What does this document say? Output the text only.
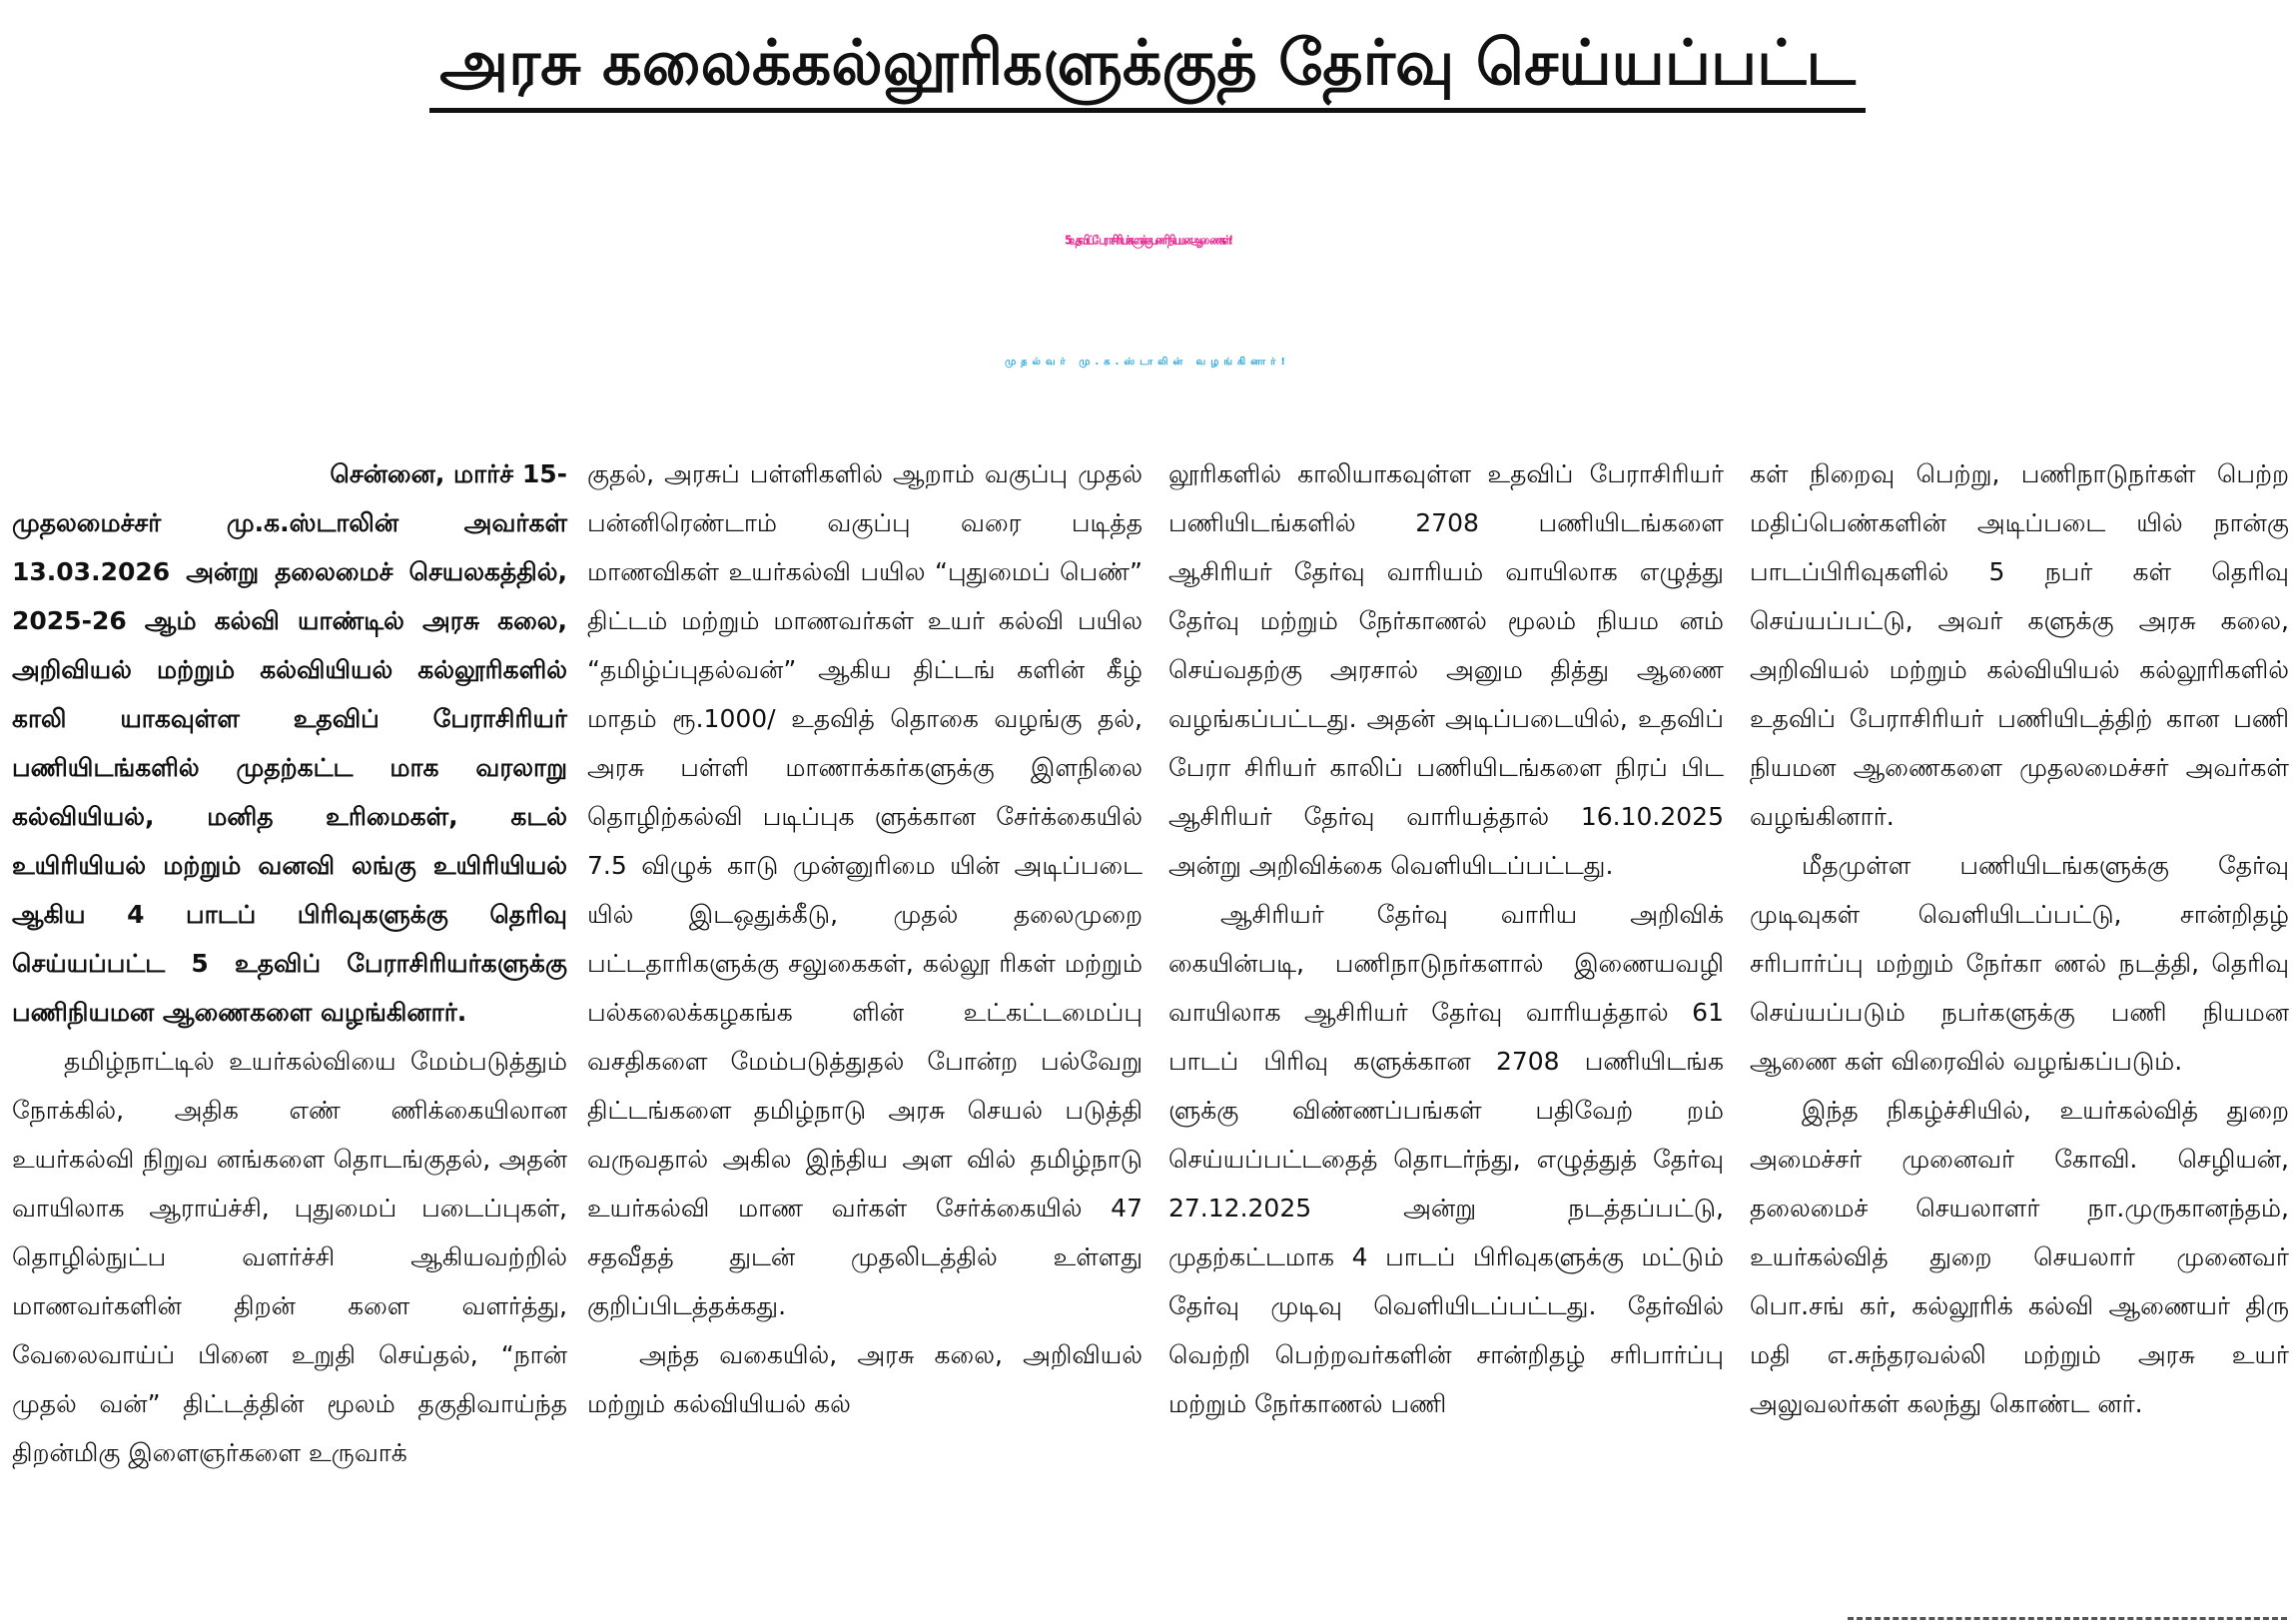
அரசு கலைக்கல்லூரிகளுக்குத் தேர்வு செய்யப்பட்ட
5 உதவிப் பேராசிரியர்களுக்கு பணி நியமன ஆணைகள்!
முதல்வர் மு.க.ஸ்டாலின் வழங்கினார்!

சென்னை, மார்ச் 15-

முதலமைச்சர் மு.க.ஸ்டாலின் அவர்கள் 13.03.2026 அன்று தலைமைச் செயலகத்தில், 2025-26 ஆம் கல்வி யாண்டில் அரசு கலை, அறிவியல் மற்றும் கல்வியியல் கல்லூரிகளில் காலி யாகவுள்ள உதவிப் பேராசிரியர் பணியிடங்களில் முதற்கட்ட மாக வரலாறு கல்வியியல், மனித உரிமைகள், கடல் உயிரியியல் மற்றும் வனவி லங்கு உயிரியியல் ஆகிய 4 பாடப் பிரிவுகளுக்கு தெரிவு செய்யப்பட்ட 5 உதவிப் பேராசிரியர்களுக்கு பணிநியமன ஆணைகளை வழங்கினார்.

தமிழ்நாட்டில் உயர்கல்வியை மேம்படுத்தும் நோக்கில், அதிக எண் ணிக்கையிலான உயர்கல்வி நிறுவ னங்களை தொடங்குதல், அதன் வாயிலாக ஆராய்ச்சி, புதுமைப் படைப்புகள், தொழில்நுட்ப வளர்ச்சி ஆகியவற்றில் மாணவர்களின் திறன் களை வளர்த்து, வேலைவாய்ப் பினை உறுதி செய்தல், “நான் முதல் வன்” திட்டத்தின் மூலம் தகுதிவாய்ந்த திறன்மிகு இளைஞர்களை உருவாக்

குதல், அரசுப் பள்ளிகளில் ஆறாம் வகுப்பு முதல் பன்னிரெண்டாம் வகுப்பு வரை படித்த மாணவிகள் உயர்கல்வி பயில “புதுமைப் பெண்” திட்டம் மற்றும் மாணவர்கள் உயர் கல்வி பயில “தமிழ்ப்புதல்வன்” ஆகிய திட்டங் களின் கீழ் மாதம் ரூ.1000/ உதவித் தொகை வழங்கு தல், அரசு பள்ளி மாணாக்கர்களுக்கு இளநிலை தொழிற்கல்வி படிப்புக ளுக்கான சேர்க்கையில் 7.5 விழுக் காடு முன்னுரிமை யின் அடிப்படை யில் இடஒதுக்கீடு, முதல் தலைமுறை பட்டதாரிகளுக்கு சலுகைகள், கல்லூ ரிகள் மற்றும் பல்கலைக்கழகங்க ளின் உட்கட்டமைப்பு வசதிகளை மேம்படுத்துதல் போன்ற பல்வேறு திட்டங்களை தமிழ்நாடு அரசு செயல் படுத்தி வருவதால் அகில இந்திய அள வில் தமிழ்நாடு உயர்கல்வி மாண வர்கள் சேர்க்கையில் 47 சதவீதத் துடன் முதலிடத்தில் உள்ளது குறிப்பிடத்தக்கது.

அந்த வகையில், அரசு கலை, அறிவியல் மற்றும் கல்வியியல் கல்

லூரிகளில் காலியாகவுள்ள உதவிப் பேராசிரியர் பணியிடங்களில் 2708 பணியிடங்களை ஆசிரியர் தேர்வு வாரியம் வாயிலாக எழுத்து தேர்வு மற்றும் நேர்காணல் மூலம் நியம னம் செய்வதற்கு அரசால் அனும தித்து ஆணை வழங்கப்பட்டது. அதன் அடிப்படையில், உதவிப் பேரா சிரியர் காலிப் பணியிடங்களை நிரப் பிட ஆசிரியர் தேர்வு வாரியத்தால் 16.10.2025 அன்று அறிவிக்கை வெளியிடப்பட்டது.

ஆசிரியர் தேர்வு வாரிய அறிவிக் கையின்படி, பணிநாடுநர்களால் இணையவழி வாயிலாக ஆசிரியர் தேர்வு வாரியத்தால் 61 பாடப் பிரிவு களுக்கான 2708 பணியிடங்க ளுக்கு விண்ணப்பங்கள் பதிவேற் றம் செய்யப்பட்டதைத் தொடர்ந்து, எழுத்துத் தேர்வு 27.12.2025 அன்று நடத்தப்பட்டு, முதற்கட்டமாக 4 பாடப் பிரிவுகளுக்கு மட்டும் தேர்வு முடிவு வெளியிடப்பட்டது. தேர்வில் வெற்றி பெற்றவர்களின் சான்றிதழ் சரிபார்ப்பு மற்றும் நேர்காணல் பணி

கள் நிறைவு பெற்று, பணிநாடுநர்கள் பெற்ற மதிப்பெண்களின் அடிப்படை யில் நான்கு பாடப்பிரிவுகளில் 5 நபர் கள் தெரிவு செய்யப்பட்டு, அவர் களுக்கு அரசு கலை, அறிவியல் மற்றும் கல்வியியல் கல்லூரிகளில் உதவிப் பேராசிரியர் பணியிடத்திற் கான பணி நியமன ஆணைகளை முதலமைச்சர் அவர்கள் வழங்கினார்.

மீதமுள்ள பணியிடங்களுக்கு தேர்வு முடிவுகள் வெளியிடப்பட்டு, சான்றிதழ் சரிபார்ப்பு மற்றும் நேர்கா ணல் நடத்தி, தெரிவு செய்யப்படும் நபர்களுக்கு பணி நியமன ஆணை கள் விரைவில் வழங்கப்படும்.

இந்த நிகழ்ச்சியில், உயர்கல்வித் துறை அமைச்சர் முனைவர் கோவி. செழியன், தலைமைச் செயலாளர் நா.முருகானந்தம், உயர்கல்வித் துறை செயலார் முனைவர் பொ.சங் கர், கல்லூரிக் கல்வி ஆணையர் திரு மதி எ.சுந்தரவல்லி மற்றும் அரசு உயர் அலுவலர்கள் கலந்து கொண்ட னர்.
